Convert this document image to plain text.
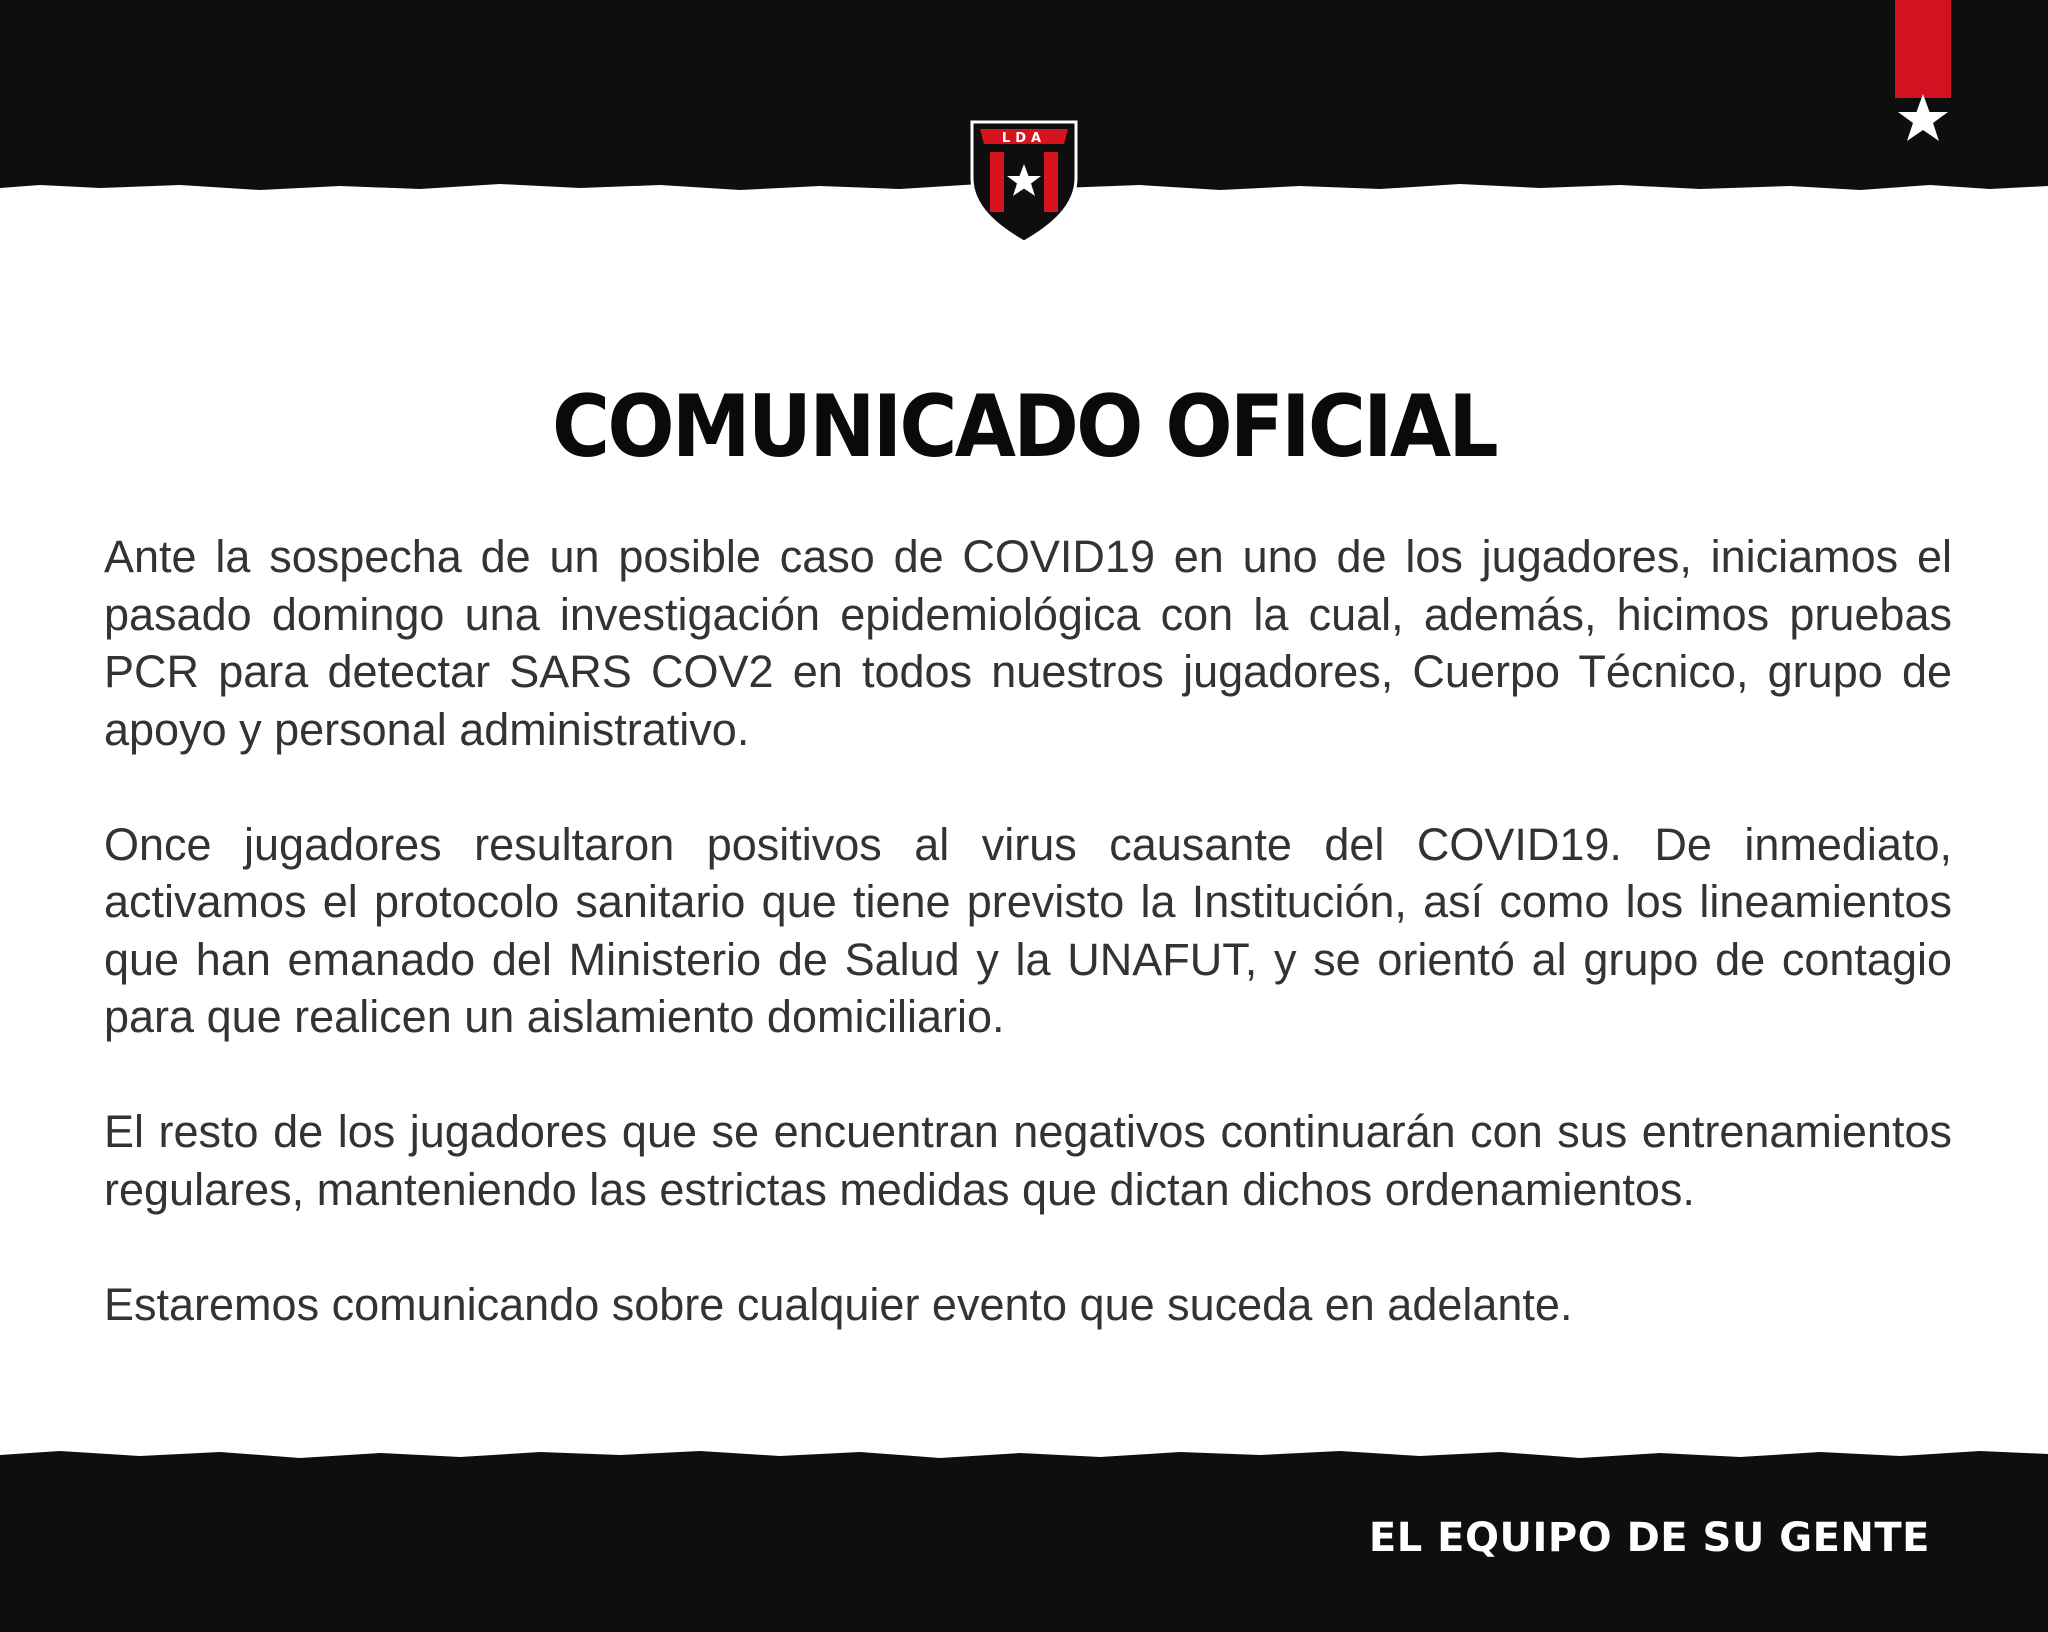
LDA
COMUNICADO OFICIAL

Ante la sospecha de un posible caso de COVID19 en uno de los jugadores, iniciamos el pasado domingo una investigación epidemiológica con la cual, además, hicimos pruebas PCR para detectar SARS COV2 en todos nuestros jugadores, Cuerpo Técnico, grupo de apoyo y personal administrativo.

Once jugadores resultaron positivos al virus causante del COVID19. De inmediato, activamos el protocolo sanitario que tiene previsto la Institución, así como los lineamientos que han emanado del Ministerio de Salud y la UNAFUT, y se orientó al grupo de contagio para que realicen un aislamiento domiciliario.

El resto de los jugadores que se encuentran negativos continuarán con sus entrenamientos regulares, manteniendo las estrictas medidas que dictan dichos ordenamientos.

Estaremos comunicando sobre cualquier evento que suceda en adelante.

EL EQUIPO DE SU GENTE
